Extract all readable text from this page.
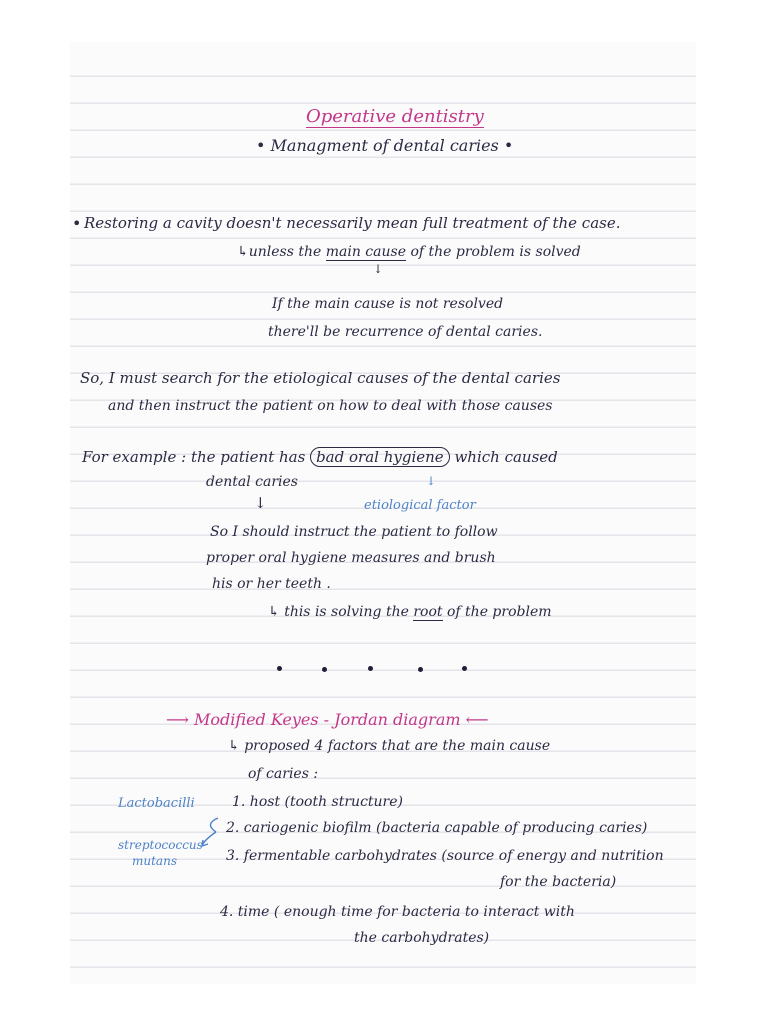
Operative dentistry
• Managment of dental caries •
• Restoring a cavity doesn't necessarily mean full treatment of the case.
↳unless the main cause of the problem is solved
↓
If the main cause is not resolved
there'll be recurrence of dental caries.
So, I must search for the etiological causes of the dental caries
and then instruct the patient on how to deal with those causes
For example : the patient has bad oral hygiene which caused
dental caries	↓
↓	etiological factor
So I should instruct the patient to follow
proper oral hygiene measures and brush
his or her teeth .
↳ this is solving the root of the problem
⟶ Modified Keyes - Jordan diagram ⟵
↳ proposed 4 factors that are the main cause
of caries :
Lactobacilli
streptococcus
mutans
1. host (tooth structure)
2. cariogenic biofilm (bacteria capable of producing caries)
3. fermentable carbohydrates (source of energy and nutrition
for the bacteria)
4. time ( enough time for bacteria to interact with
the carbohydrates)
